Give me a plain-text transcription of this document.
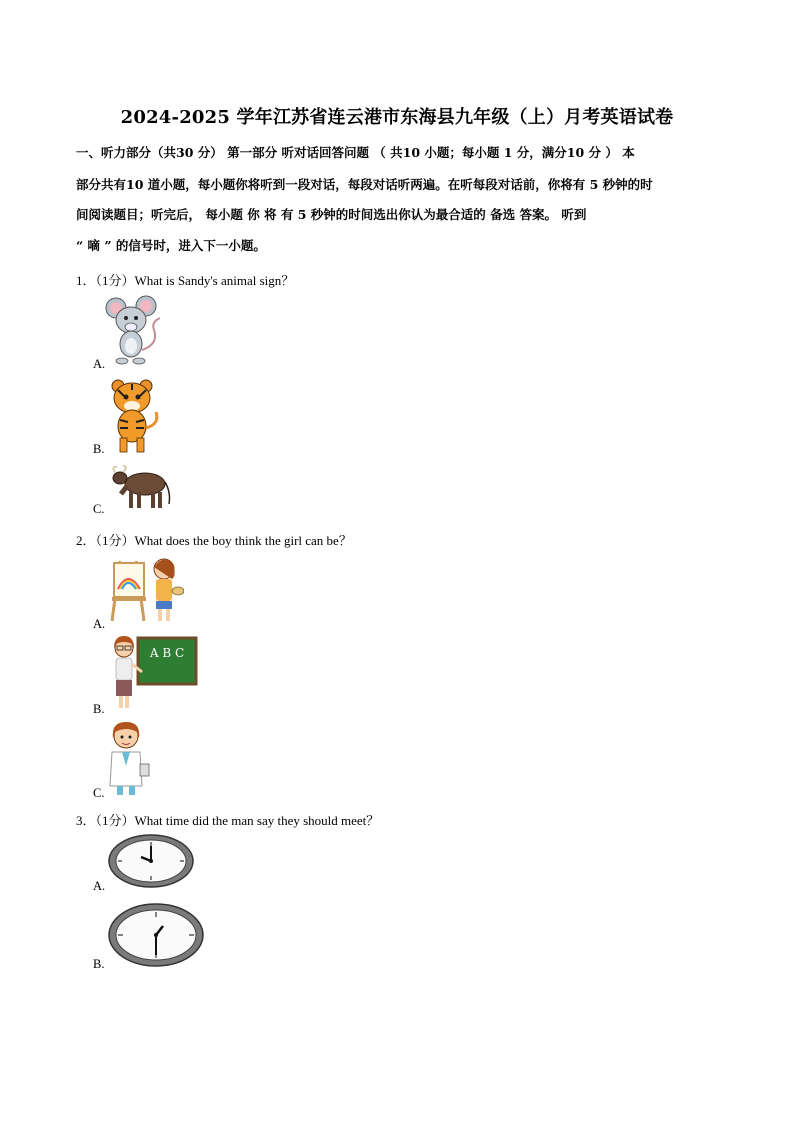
2024-2025 学年江苏省连云港市东海县九年级（上）月考英语试卷
一、听力部分（共30 分） 第一部分 听对话回答问题 （ 共10 小题；每小题 1 分，满分10 分 ） 本
部分共有10 道小题，每小题你将听到一段对话，每段对话听两遍。在听每段对话前，你将有 5 秒钟的时
间阅读题目；听完后， 每小题 你 将 有 5 秒钟的时间选出你认为最合适的 备选 答案。 听到
“ 嘀 ” 的信号时，进入下一小题。
1．（1分）What is Sandy's animal sign？
A.
B.
C.
2．（1分）What does the boy think the girl can be？
A.
A B C
B.
C.
3．（1分）What time did the man say they should meet？
A.
B.
